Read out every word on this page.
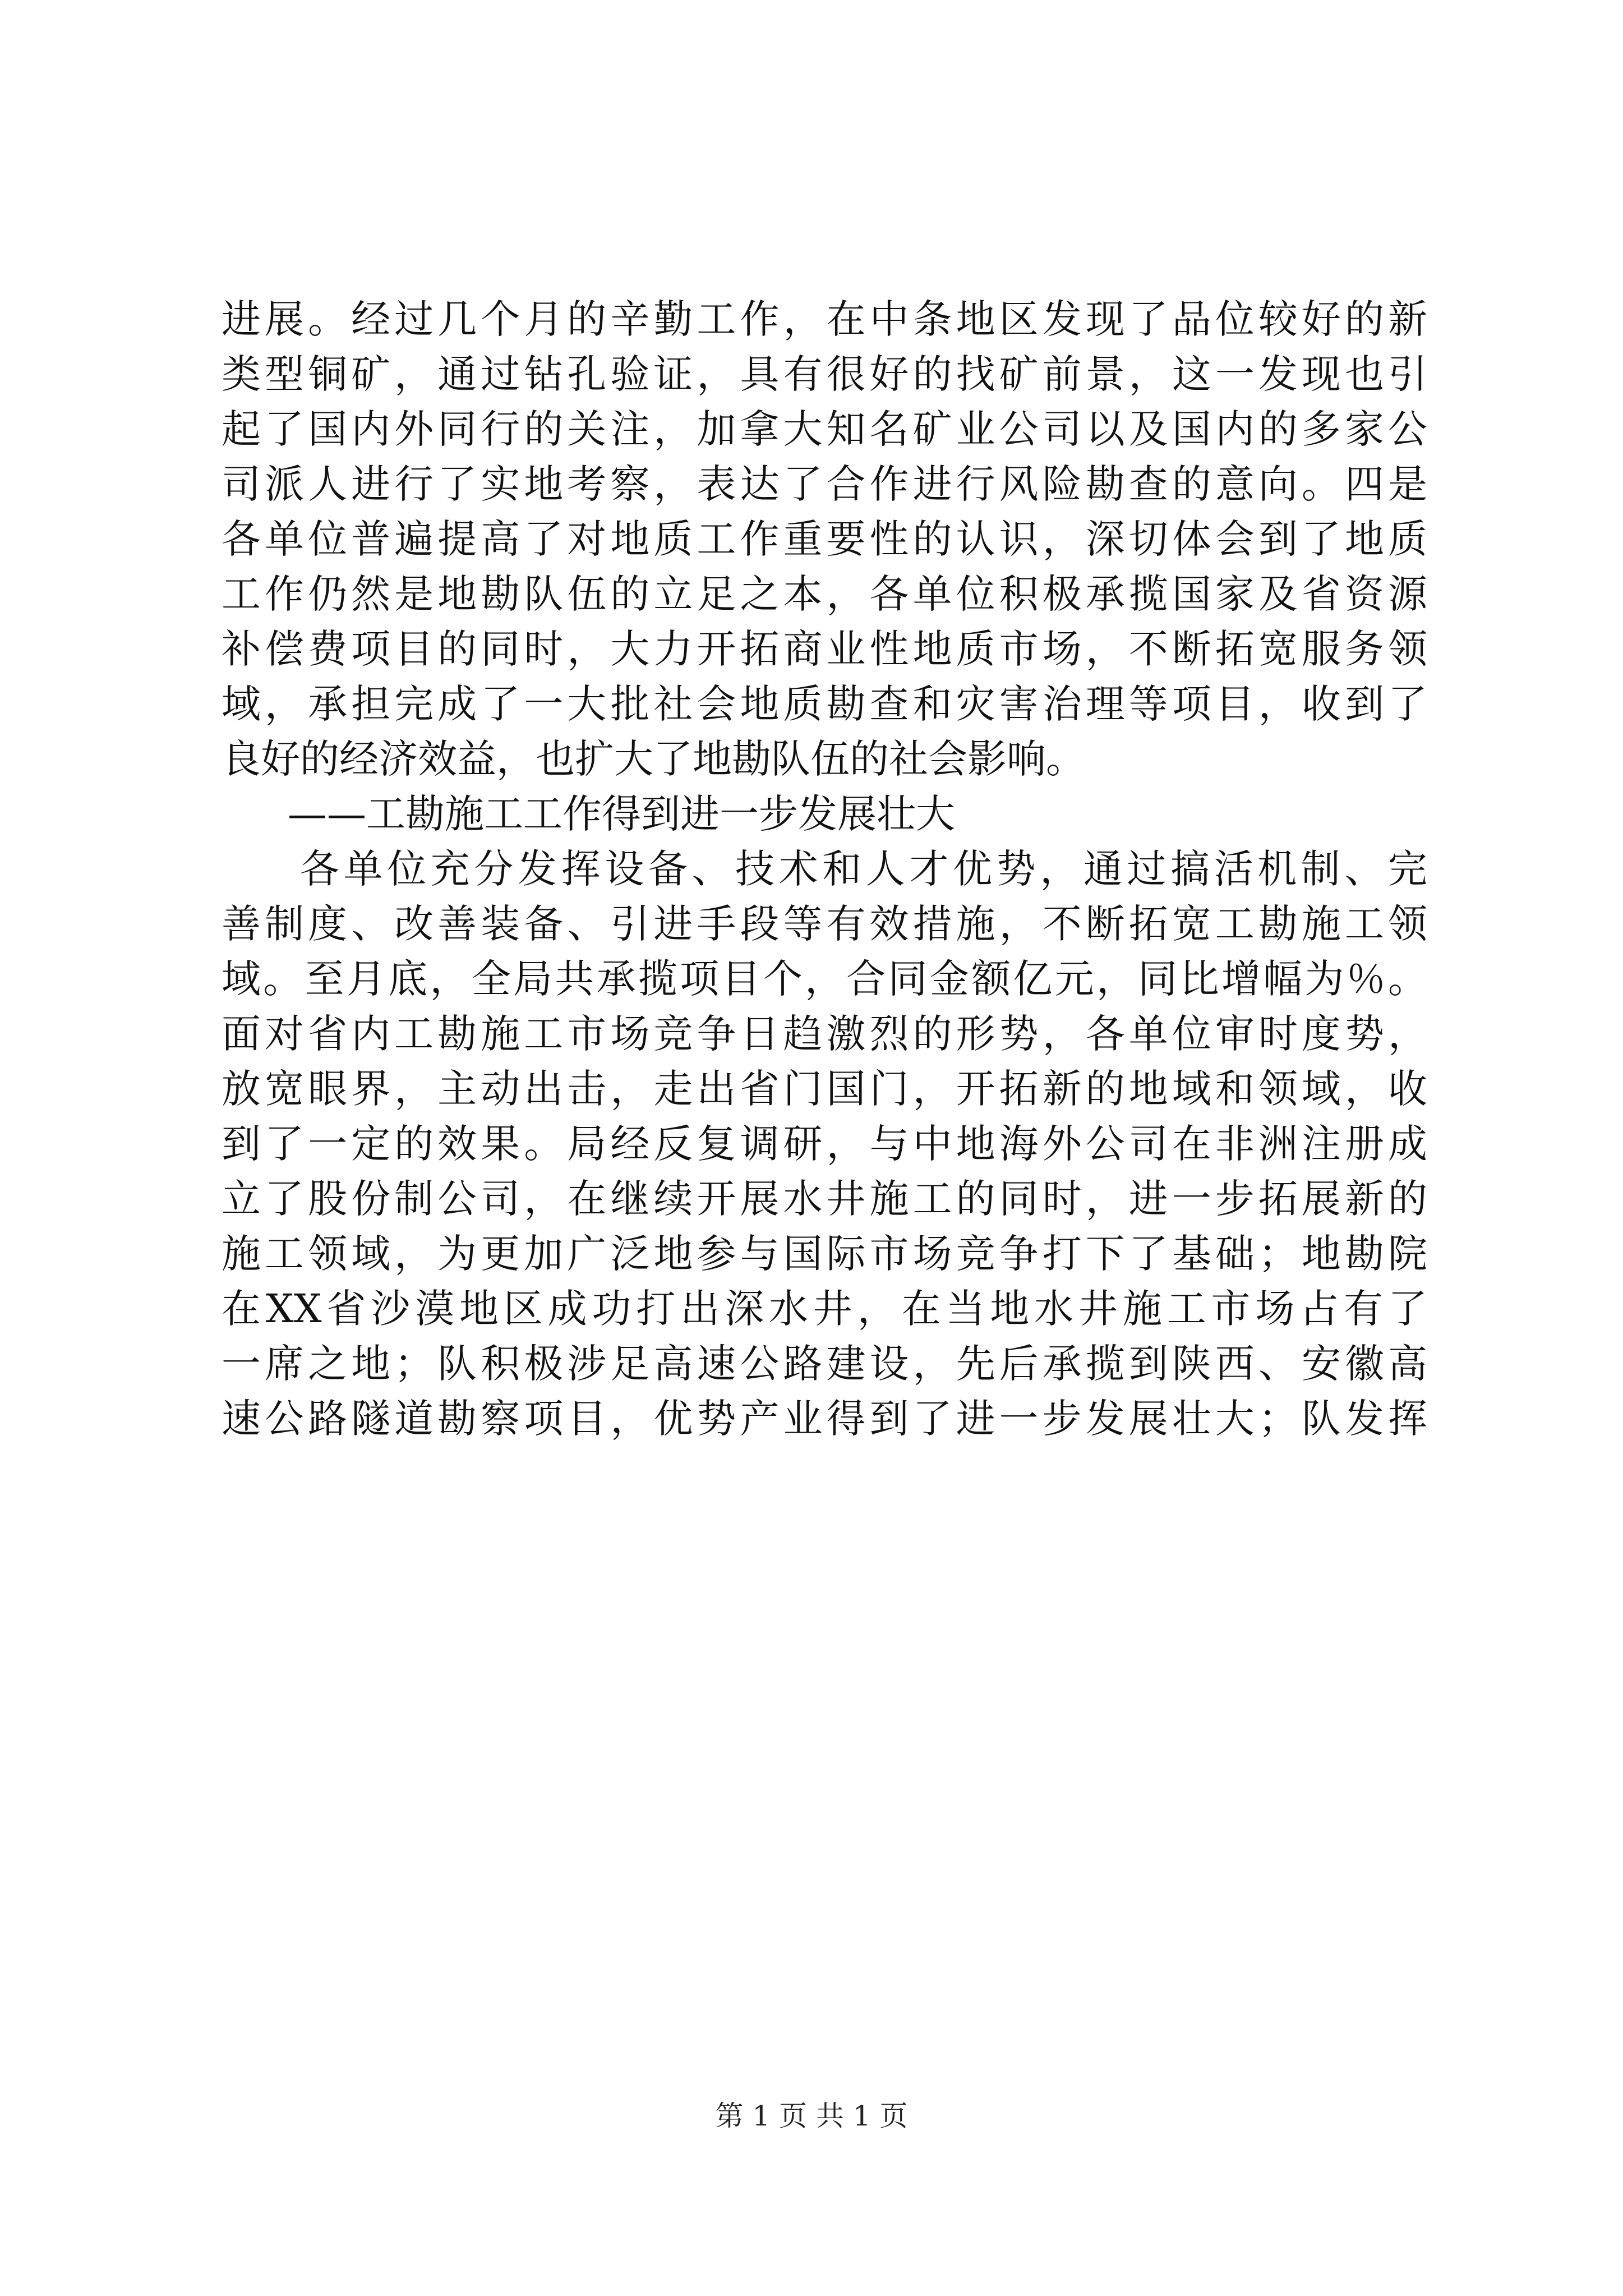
进展。经过几个月的辛勤工作，在中条地区发现了品位较好的新
类型铜矿，通过钻孔验证，具有很好的找矿前景，这一发现也引
起了国内外同行的关注，加拿大知名矿业公司以及国内的多家公
司派人进行了实地考察，表达了合作进行风险勘查的意向。四是
各单位普遍提高了对地质工作重要性的认识，深切体会到了地质
工作仍然是地勘队伍的立足之本，各单位积极承揽国家及省资源
补偿费项目的同时，大力开拓商业性地质市场，不断拓宽服务领
域，承担完成了一大批社会地质勘查和灾害治理等项目，收到了
良好的经济效益，也扩大了地勘队伍的社会影响。
——工勘施工工作得到进一步发展壮大
各单位充分发挥设备、技术和人才优势，通过搞活机制、完
善制度、改善装备、引进手段等有效措施，不断拓宽工勘施工领
域。至月底，全局共承揽项目个，合同金额亿元，同比增幅为％。
面对省内工勘施工市场竞争日趋激烈的形势，各单位审时度势，
放宽眼界，主动出击，走出省门国门，开拓新的地域和领域，收
到了一定的效果。局经反复调研，与中地海外公司在非洲注册成
立了股份制公司，在继续开展水井施工的同时，进一步拓展新的
施工领域，为更加广泛地参与国际市场竞争打下了基础；地勘院
在XX省沙漠地区成功打出深水井，在当地水井施工市场占有了
一席之地；队积极涉足高速公路建设，先后承揽到陕西、安徽高
速公路隧道勘察项目，优势产业得到了进一步发展壮大；队发挥
第 1 页 共 1 页
